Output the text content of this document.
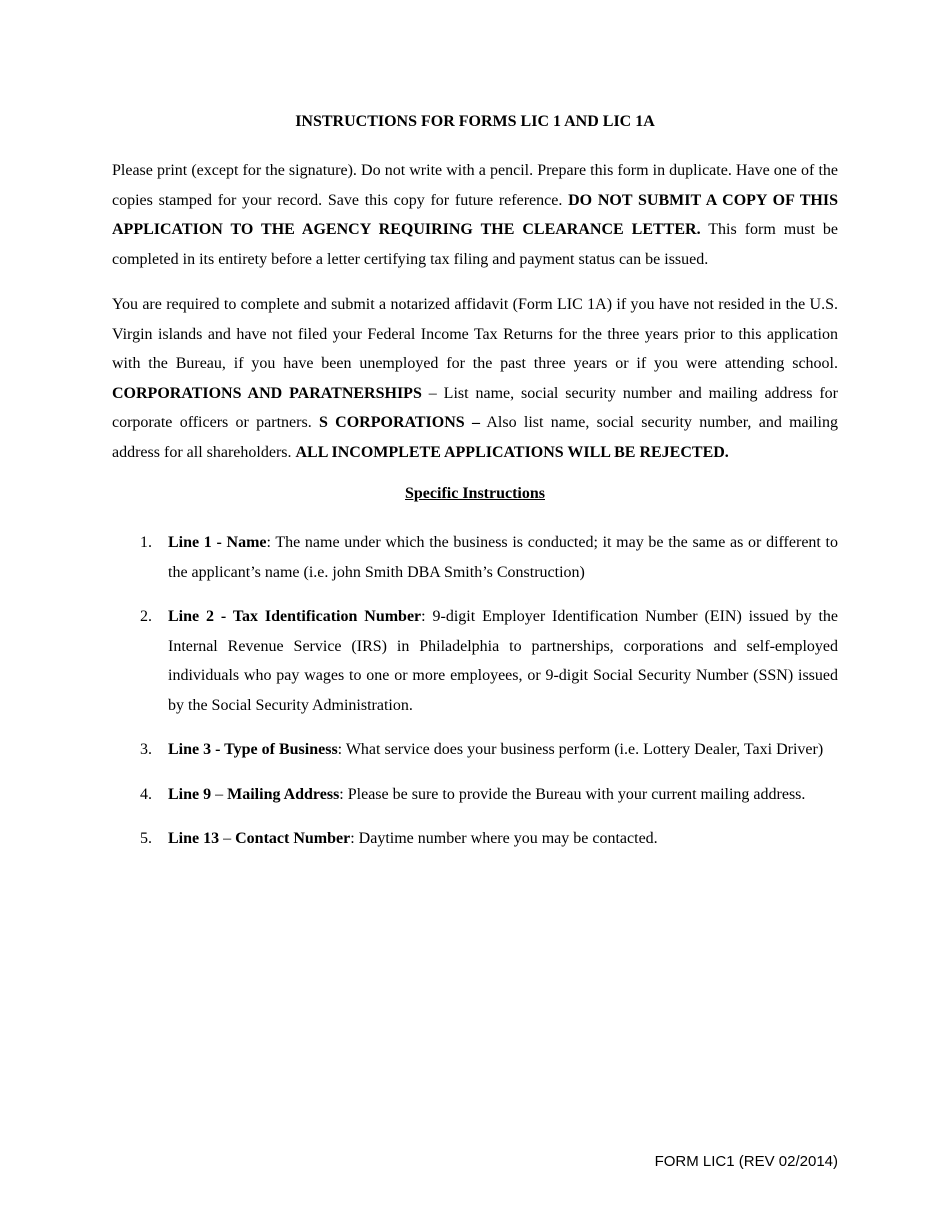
INSTRUCTIONS FOR FORMS LIC 1 AND LIC 1A

Please print (except for the signature). Do not write with a pencil. Prepare this form in duplicate. Have one of the copies stamped for your record. Save this copy for future reference. DO NOT SUBMIT A COPY OF THIS APPLICATION TO THE AGENCY REQUIRING THE CLEARANCE LETTER. This form must be completed in its entirety before a letter certifying tax filing and payment status can be issued.

You are required to complete and submit a notarized affidavit (Form LIC 1A) if you have not resided in the U.S. Virgin islands and have not filed your Federal Income Tax Returns for the three years prior to this application with the Bureau, if you have been unemployed for the past three years or if you were attending school. CORPORATIONS AND PARATNERSHIPS – List name, social security number and mailing address for corporate officers or partners. S CORPORATIONS – Also list name, social security number, and mailing address for all shareholders. ALL INCOMPLETE APPLICATIONS WILL BE REJECTED.

Specific Instructions
1. Line 1 - Name: The name under which the business is conducted; it may be the same as or different to the applicant’s name (i.e. john Smith DBA Smith’s Construction)
2. Line 2 - Tax Identification Number: 9-digit Employer Identification Number (EIN) issued by the Internal Revenue Service (IRS) in Philadelphia to partnerships, corporations and self-employed individuals who pay wages to one or more employees, or 9-digit Social Security Number (SSN) issued by the Social Security Administration.
3. Line 3 - Type of Business: What service does your business perform (i.e. Lottery Dealer, Taxi Driver)
4. Line 9 – Mailing Address: Please be sure to provide the Bureau with your current mailing address.
5. Line 13 – Contact Number: Daytime number where you may be contacted.
FORM LIC1 (REV 02/2014)
